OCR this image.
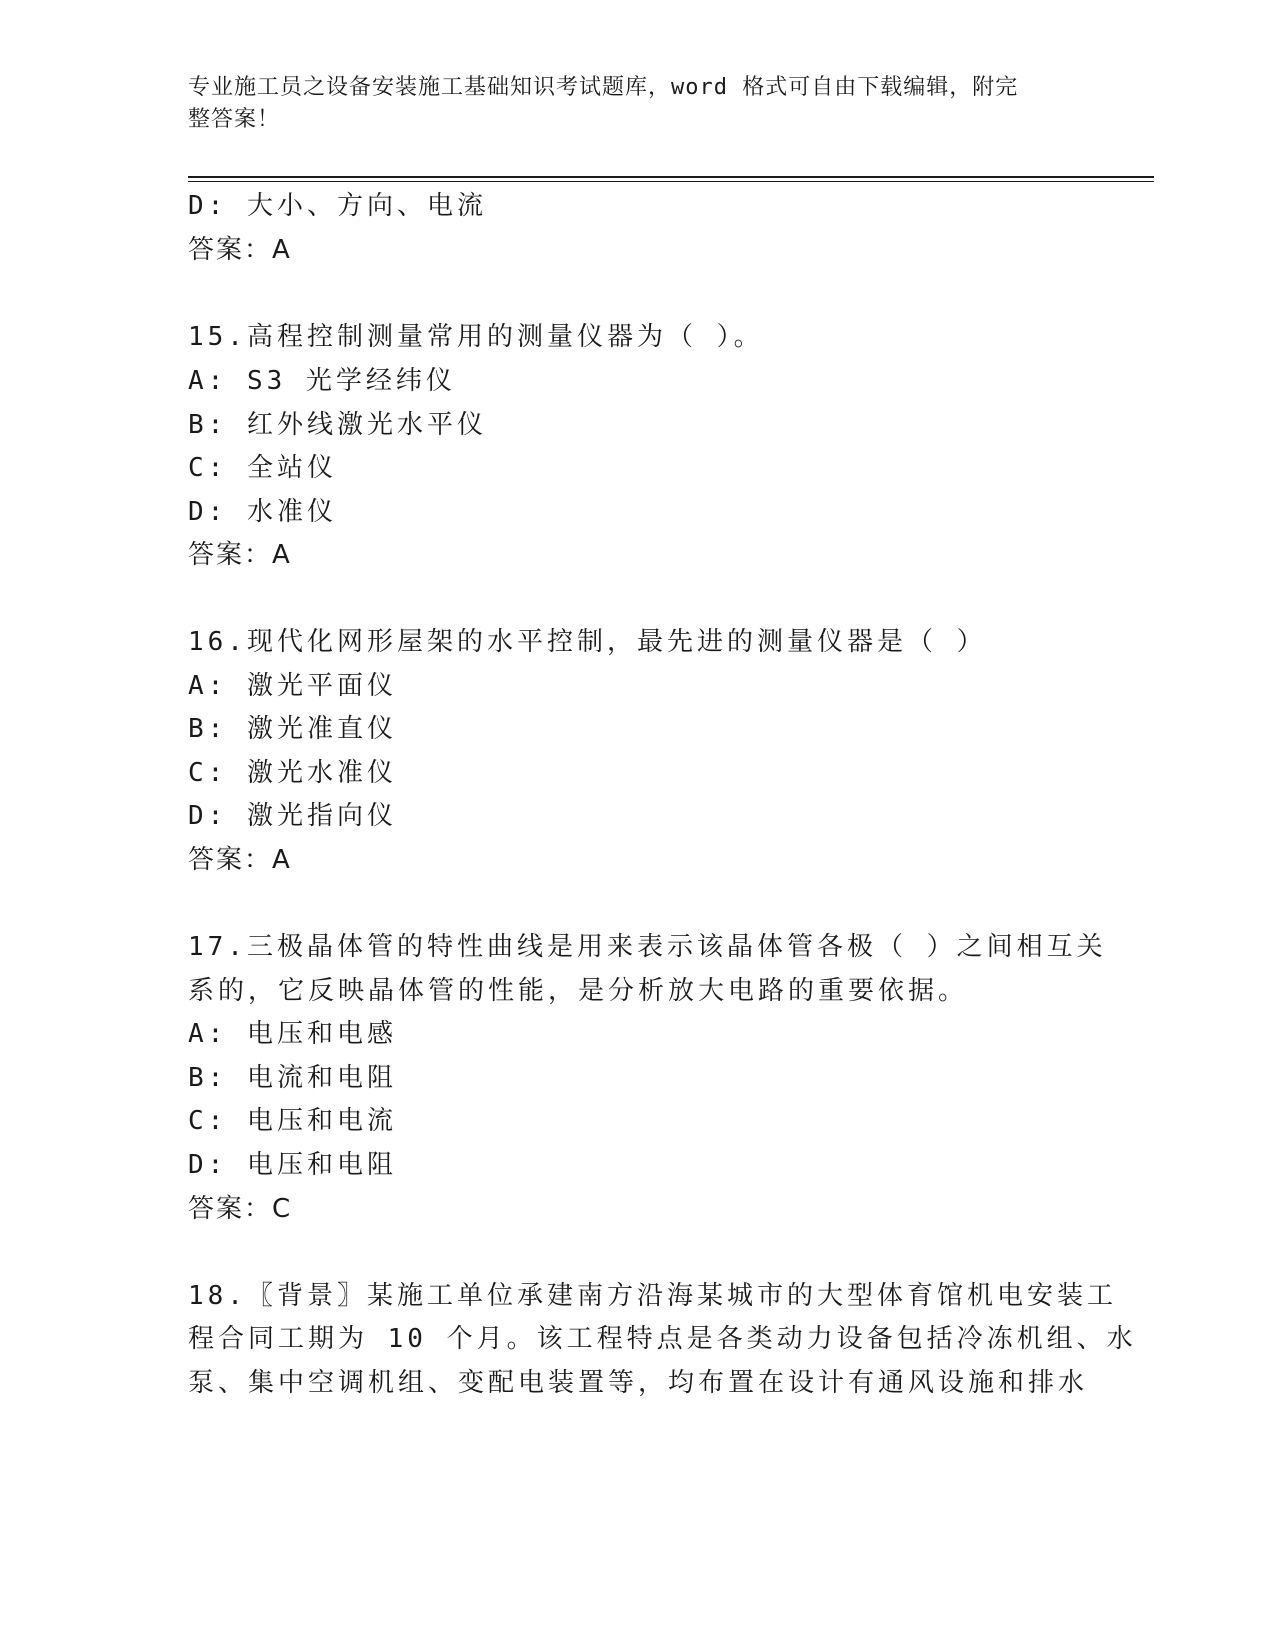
专业施工员之设备安装施工基础知识考试题库，word 格式可自由下载编辑，附完
整答案！
D: 大小、方向、电流
答案：A
15.高程控制测量常用的测量仪器为（ ）。
A: S3 光学经纬仪
B: 红外线激光水平仪
C: 全站仪
D: 水准仪
答案：A
16.现代化网形屋架的水平控制，最先进的测量仪器是（ ）
A: 激光平面仪
B: 激光准直仪
C: 激光水准仪
D: 激光指向仪
答案：A
17.三极晶体管的特性曲线是用来表示该晶体管各极（ ）之间相互关
系的，它反映晶体管的性能，是分析放大电路的重要依据。
A: 电压和电感
B: 电流和电阻
C: 电压和电流
D: 电压和电阻
答案：C
18.〖背景〗某施工单位承建南方沿海某城市的大型体育馆机电安装工
程合同工期为 10 个月。该工程特点是各类动力设备包括冷冻机组、水
泵、集中空调机组、变配电装置等，均布置在设计有通风设施和排水
